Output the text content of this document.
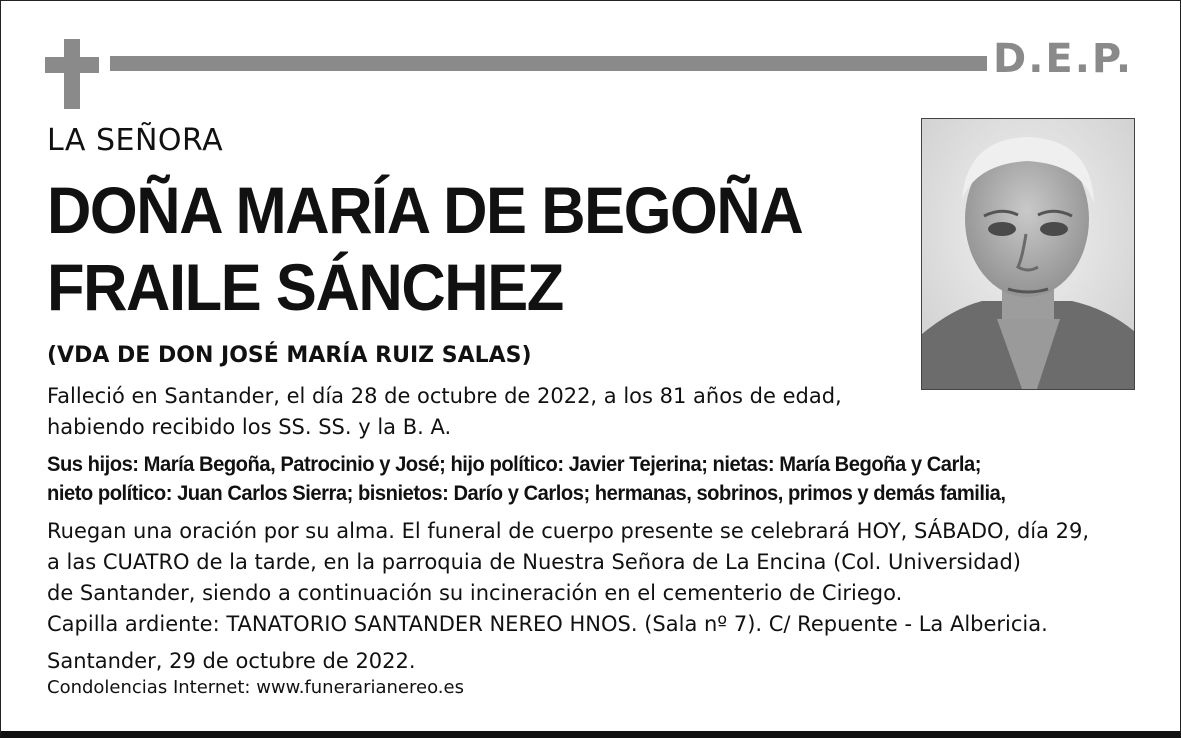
D.E.P.
LA SEÑORA
DOÑA MARÍA DE BEGOÑA
FRAILE SÁNCHEZ
(VDA DE DON JOSÉ MARÍA RUIZ SALAS)
Falleció en Santander, el día 28 de octubre de 2022, a los 81 años de edad,
habiendo recibido los SS. SS. y la B. A.
Sus hijos: María Begoña, Patrocinio y José; hijo político: Javier Tejerina; nietas: María Begoña y Carla;
nieto político: Juan Carlos Sierra; bisnietos: Darío y Carlos; hermanas, sobrinos, primos y demás familia,
Ruegan una oración por su alma. El funeral de cuerpo presente se celebrará HOY, SÁBADO, día 29,
a las CUATRO de la tarde, en la parroquia de Nuestra Señora de La Encina (Col. Universidad)
de Santander, siendo a continuación su incineración en el cementerio de Ciriego.
Capilla ardiente: TANATORIO SANTANDER NEREO HNOS. (Sala nº 7). C/ Repuente - La Albericia.
Santander, 29 de octubre de 2022.
Condolencias Internet: www.funerarianereo.es
